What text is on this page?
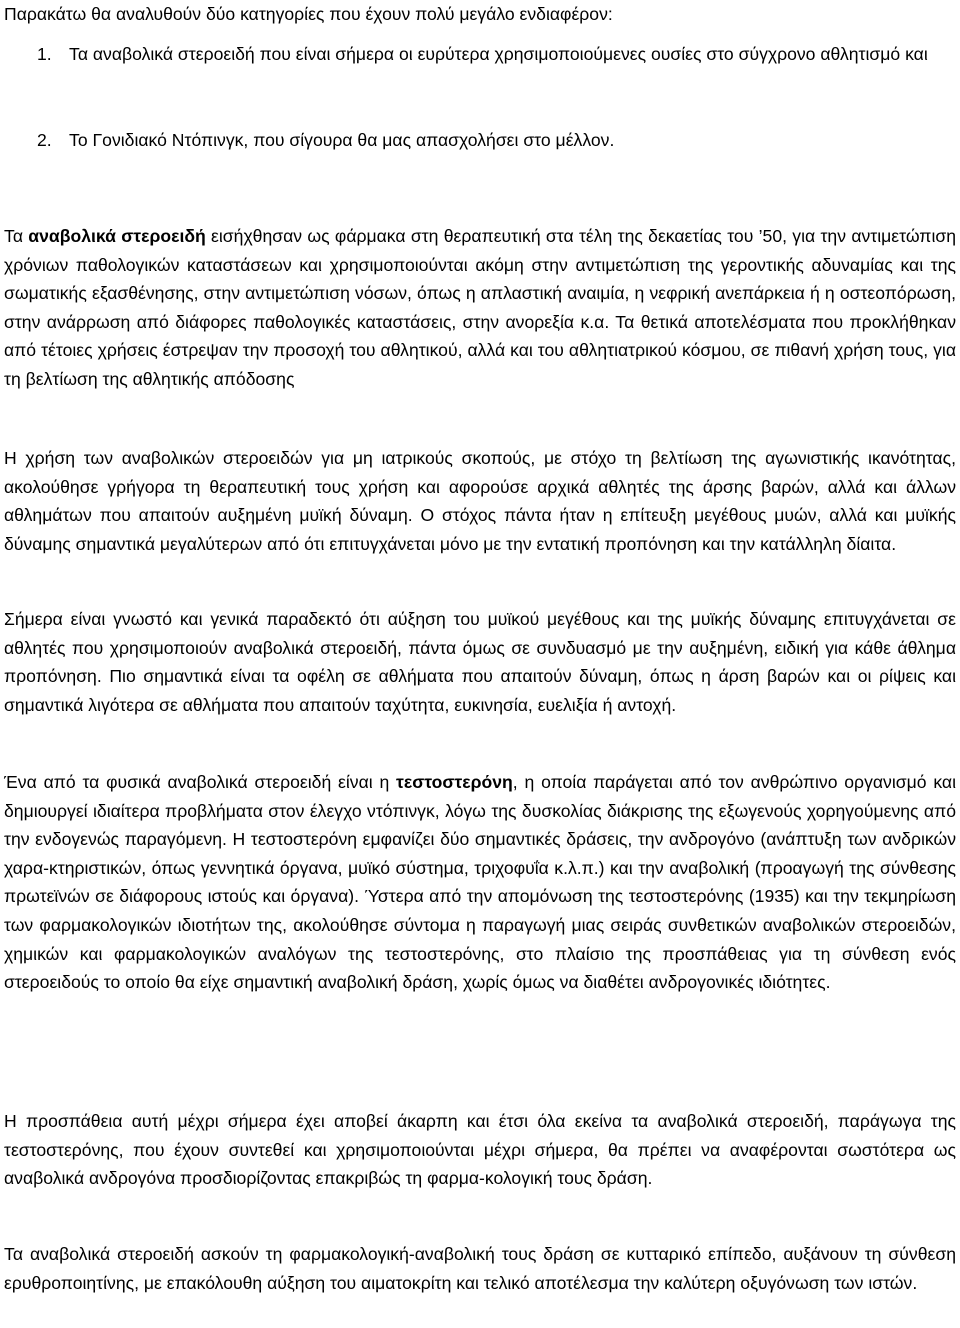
Παρακάτω θα αναλυθούν δύο κατηγορίες που έχουν πολύ μεγάλο ενδιαφέρον:
1. Τα αναβολικά στεροειδή που είναι σήμερα οι ευρύτερα χρησιμοποιούμενες ουσίες στο σύγχρονο αθλητισμό και
2. Το Γονιδιακό Ντόπινγκ, που σίγουρα θα μας απασχολήσει στο μέλλον.

Τα αναβολικά στεροειδή εισήχθησαν ως φάρμακα στη θεραπευτική στα τέλη της δεκαετίας του ’50, για την αντιμετώπιση χρόνιων παθολογικών καταστάσεων και χρησιμοποιούνται ακόμη στην αντιμετώπιση της γεροντικής αδυναμίας και της σωματικής εξασθένησης, στην αντιμετώπιση νόσων, όπως η απλαστική αναιμία, η νεφρική ανεπάρκεια ή η οστεοπόρωση, στην ανάρρωση από διάφορες παθολογικές καταστάσεις, στην ανορεξία κ.α. Τα θετικά αποτελέσματα που προκλήθηκαν από τέτοιες χρήσεις έστρεψαν την προσοχή του αθλητικού, αλλά και του αθλητιατρικού κόσμου, σε πιθανή χρήση τους, για τη βελτίωση της αθλητικής απόδοσης

Η χρήση των αναβολικών στεροειδών για μη ιατρικούς σκοπούς, με στόχο τη βελτίωση της αγωνιστικής ικανότητας, ακολούθησε γρήγορα τη θεραπευτική τους χρήση και αφορούσε αρχικά αθλητές της άρσης βαρών, αλλά και άλλων αθλημάτων που απαιτούν αυξημένη μυϊκή δύναμη. Ο στόχος πάντα ήταν η επίτευξη μεγέθους μυών, αλλά και μυϊκής δύναμης σημαντικά μεγαλύτερων από ότι επιτυγχάνεται μόνο με την εντατική προπόνηση και την κατάλληλη δίαιτα.

Σήμερα είναι γνωστό και γενικά παραδεκτό ότι αύξηση του μυϊκού μεγέθους και της μυϊκής δύναμης επιτυγχάνεται σε αθλητές που χρησιμοποιούν αναβολικά στεροειδή, πάντα όμως σε συνδυασμό με την αυξημένη, ειδική για κάθε άθλημα προπόνηση. Πιο σημαντικά είναι τα οφέλη σε αθλήματα που απαιτούν δύναμη, όπως η άρση βαρών και οι ρίψεις και σημαντικά λιγότερα σε αθλήματα που απαιτούν ταχύτητα, ευκινησία, ευελιξία ή αντοχή.

Ένα από τα φυσικά αναβολικά στεροειδή είναι η τεστοστερόνη, η οποία παράγεται από τον ανθρώπινο οργανισμό και δημιουργεί ιδιαίτερα προβλήματα στον έλεγχο ντόπινγκ, λόγω της δυσκολίας διάκρισης της εξωγενούς χορηγούμενης από την ενδογενώς παραγόμενη. Η τεστοστερόνη εμφανίζει δύο σημαντικές δράσεις, την ανδρογόνο (ανάπτυξη των ανδρικών χαρα-κτηριστικών, όπως γεννητικά όργανα, μυϊκό σύστημα, τριχοφυΐα κ.λ.π.) και την αναβολική (προαγωγή της σύνθεσης πρωτεϊνών σε διάφορους ιστούς και όργανα). Ύστερα από την απομόνωση της τεστοστερόνης (1935) και την τεκμηρίωση των φαρμακολογικών ιδιοτήτων της, ακολούθησε σύντομα η παραγωγή μιας σειράς συνθετικών αναβολικών στεροειδών, χημικών και φαρμακολογικών αναλόγων της τεστοστερόνης, στο πλαίσιο της προσπάθειας για τη σύνθεση ενός στεροειδούς το οποίο θα είχε σημαντική αναβολική δράση, χωρίς όμως να διαθέτει ανδρογονικές ιδιότητες.

Η προσπάθεια αυτή μέχρι σήμερα έχει αποβεί άκαρπη και έτσι όλα εκείνα τα αναβολικά στεροειδή, παράγωγα της τεστοστερόνης, που έχουν συντεθεί και χρησιμοποιούνται μέχρι σήμερα, θα πρέπει να αναφέρονται σωστότερα ως αναβολικά ανδρογόνα προσδιορίζοντας επακριβώς τη φαρμα-κολογική τους δράση.

Τα αναβολικά στεροειδή ασκούν τη φαρμακολογική-αναβολική τους δράση σε κυτταρικό επίπεδο, αυξάνουν τη σύνθεση ερυθροποιητίνης, με επακόλουθη αύξηση του αιματοκρίτη και τελικό αποτέλεσμα την καλύτερη οξυγόνωση των ιστών.
